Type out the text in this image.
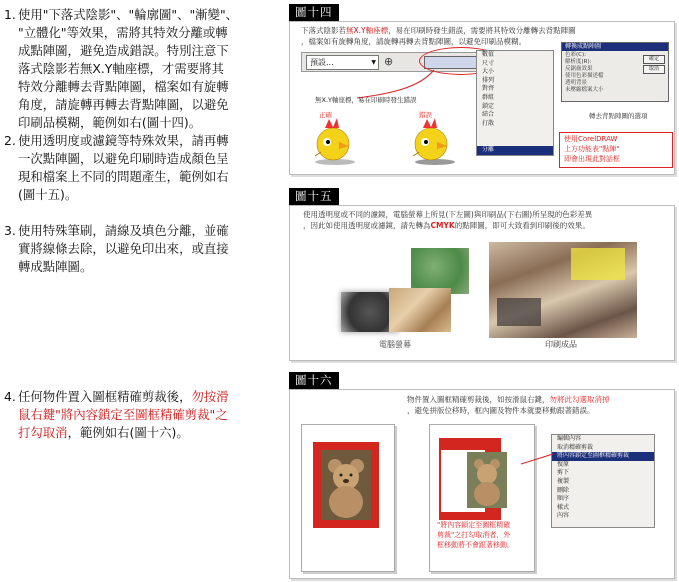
1. 使用"下落式陰影"、"輪廓圖"、"漸變"、
"立體化"等效果，需將其特效分離或轉
成點陣圖，避免造成錯誤。特別注意下
落式陰影若無X.Y軸座標，才需要將其
特效分離轉去背點陣圖，檔案如有旋轉
角度，請旋轉再轉去背點陣圖，以避免
印刷品模糊，範例如右(圖十四)。
2. 使用透明度或濾鏡等特殊效果，請再轉
一次點陣圖，以避免印刷時造成顏色呈
現和檔案上不同的問題產生，範例如右
(圖十五)。
3. 使用特殊筆刷，請線及填色分離，並確
實將線條去除，以避免印出來，或直接
轉成點陣圖。
4. 任何物件置入圖框精確剪裁後，勿按滑
鼠右鍵"將內容鎖定至圖框精確剪裁"之
打勾取消，範例如右(圖十六)。
圖十四
下落式陰影若無X.Y軸座標，易在印刷時發生錯誤，需要將其特效分離轉去背點陣圖
，檔案如有旋轉角度，請旋轉再轉去背點陣圖，以避免印刷品模糊。
預設...	▼ ⊕
無X.Y軸座標，易在印刷時發生錯誤
正確	錯誤
數值
尺寸
大小
排列
對齊
群組
鎖定
結合
打散
分離
轉換成點陣圖
色彩(C):
解析度(R):
反鋸齒效果
使用色彩描述檔
透明背景
未壓縮檔案大小
確定
取消
轉去背點陣圖的選項
使用CorelDRAW
上方功能表"點陣"
即會出現此對話框
圖十五
使用透明度或不同的濾鏡，電腦螢幕上所見(下左圖)與印刷品(下右圖)所呈現的色彩差異
，因此如使用透明度或濾鏡，請先轉為CMYK的點陣圖，即可大致看到印刷後的效果。
電腦螢幕	印刷成品
圖十六
物件置入圖框精確剪裁後，如按滑鼠右鍵，勿將此勾選取消掉
，避免拼版位移時，框內圖及物件本就要移動跟著錯誤。
"將內容鎖定至圖框精確
剪裁"之打勾取消者，外
框移動將不會跟著移動。
編輯內容
取消精確剪裁
將內容鎖定至圖框精確剪裁
復原
剪下
複製
刪除
順序
樣式
內容
